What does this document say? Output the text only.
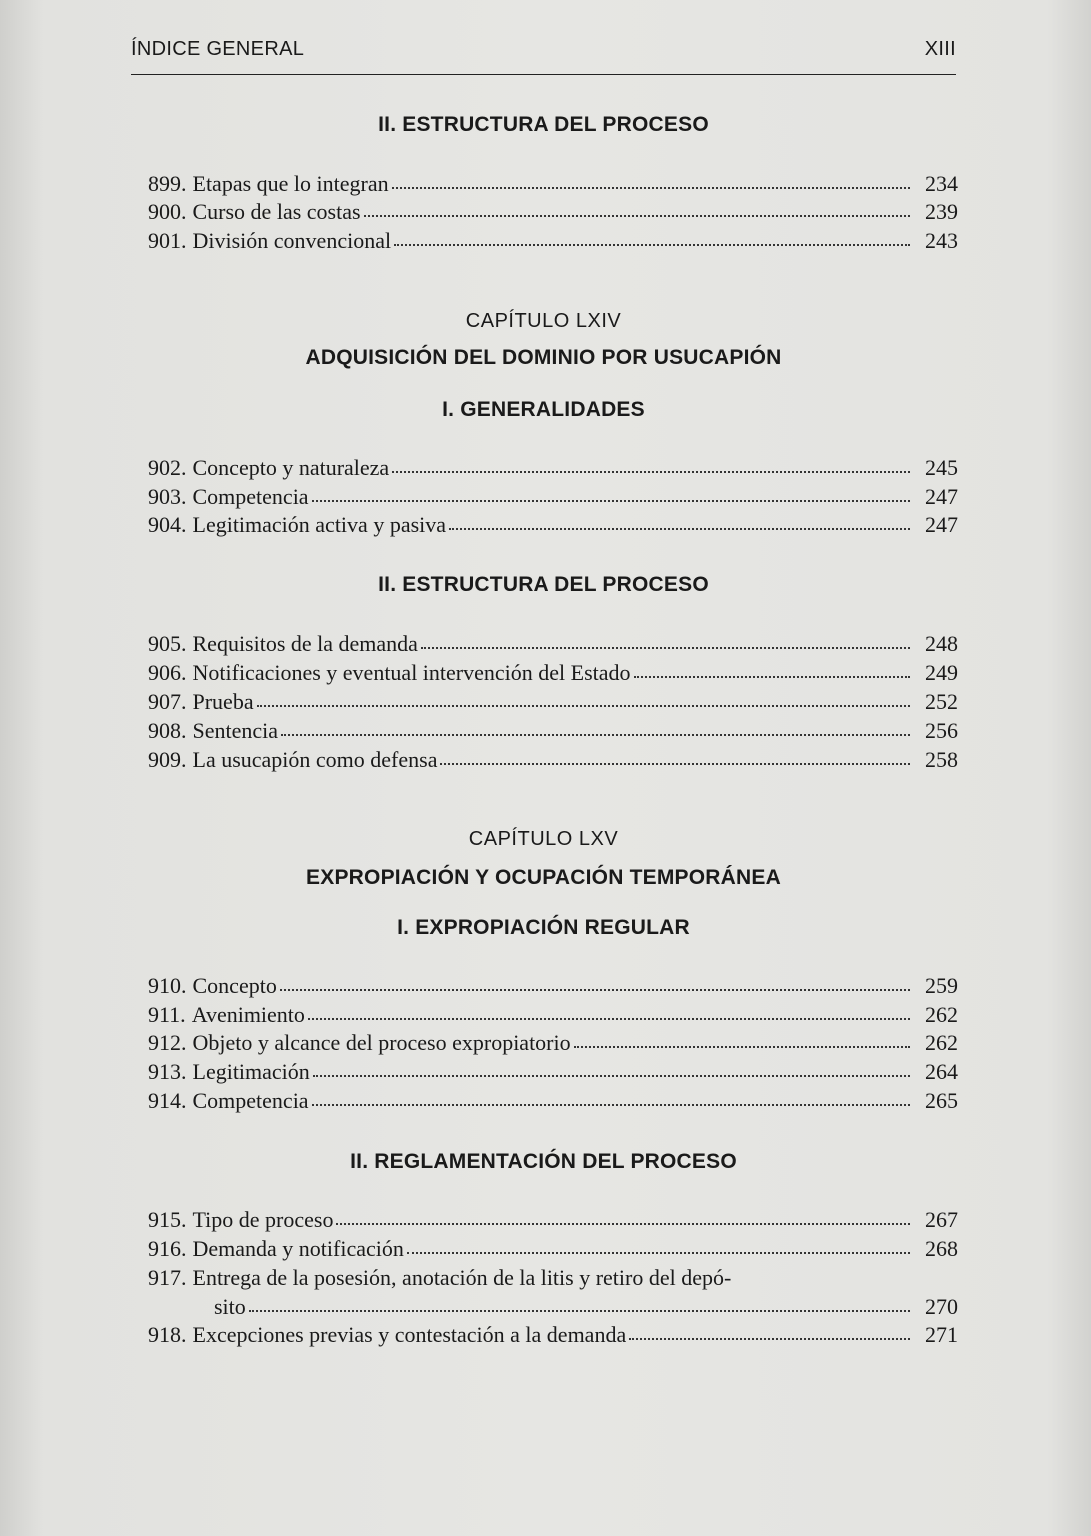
ÍNDICE GENERAL	XIII
II. ESTRUCTURA DEL PROCESO
899. Etapas que lo integran	234
900. Curso de las costas	239
901. División convencional	243
CAPÍTULO LXIV
ADQUISICIÓN DEL DOMINIO POR USUCAPIÓN
I. GENERALIDADES
902. Concepto y naturaleza	245
903. Competencia	247
904. Legitimación activa y pasiva	247
II. ESTRUCTURA DEL PROCESO
905. Requisitos de la demanda	248
906. Notificaciones y eventual intervención del Estado	249
907. Prueba	252
908. Sentencia	256
909. La usucapión como defensa	258
CAPÍTULO LXV
EXPROPIACIÓN Y OCUPACIÓN TEMPORÁNEA
I. EXPROPIACIÓN REGULAR
910. Concepto	259
911. Avenimiento	262
912. Objeto y alcance del proceso expropiatorio	262
913. Legitimación	264
914. Competencia	265
II. REGLAMENTACIÓN DEL PROCESO
915. Tipo de proceso	267
916. Demanda y notificación	268
917. Entrega de la posesión, anotación de la litis y retiro del depó-
sito	270
918. Excepciones previas y contestación a la demanda	271
